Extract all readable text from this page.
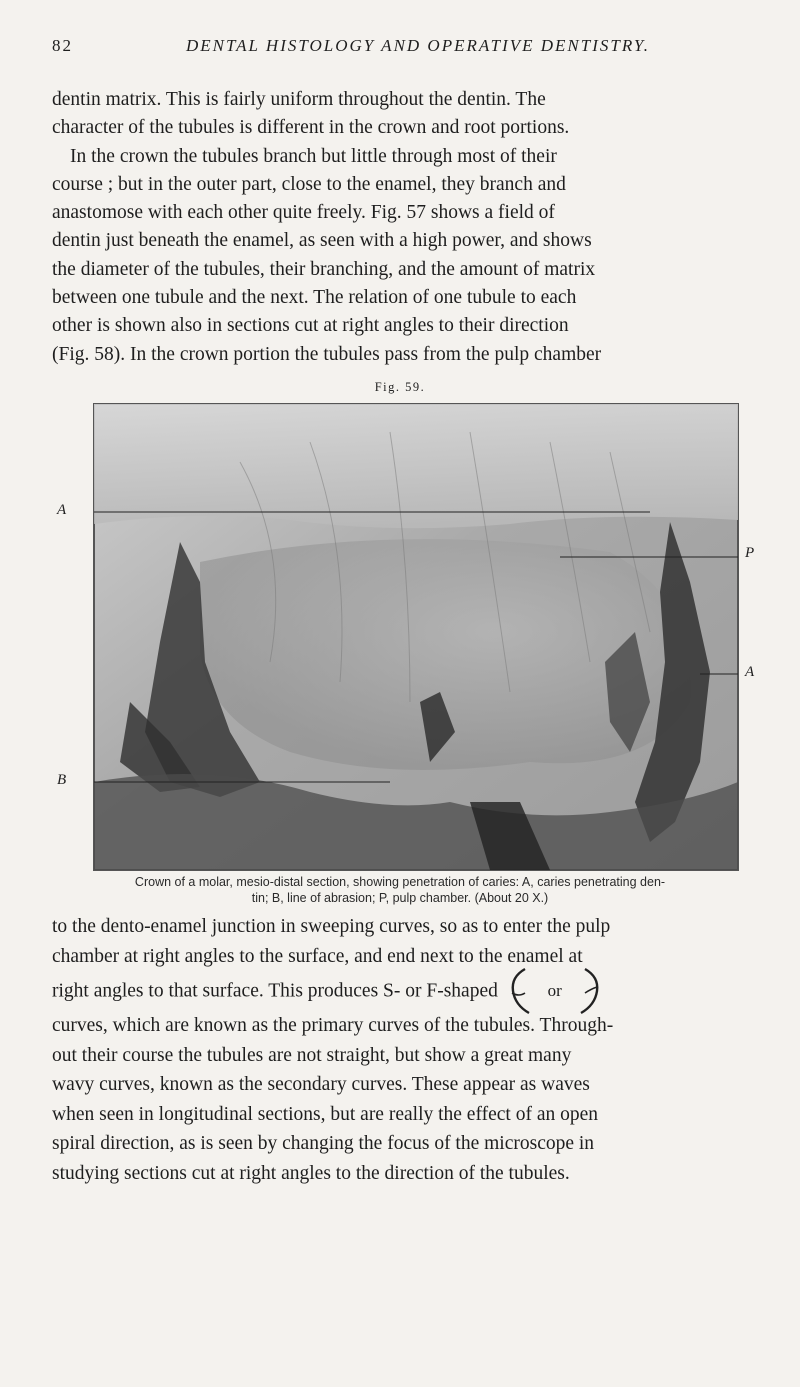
82	DENTAL HISTOLOGY AND OPERATIVE DENTISTRY.

dentin matrix. This is fairly uniform throughout the dentin. The

character of the tubules is different in the crown and root portions.

In the crown the tubules branch but little through most of their

course ; but in the outer part, close to the enamel, they branch and

anastomose with each other quite freely. Fig. 57 shows a field of

dentin just beneath the enamel, as seen with a high power, and shows

the diameter of the tubules, their branching, and the amount of matrix

between one tubule and the next. The relation of one tubule to each

other is shown also in sections cut at right angles to their direction

(Fig. 58). In the crown portion the tubules pass from the pulp chamber

Fig. 59.
A
P
A
B
Crown of a molar, mesio-distal section, showing penetration of caries: A, caries penetrating den-
tin; B, line of abrasion; P, pulp chamber. (About 20 X.)

to the dento-enamel junction in sweeping curves, so as to enter the pulp

chamber at right angles to the surface, and end next to the enamel at

right angles to that surface. This produces S- or F-shaped	or

curves, which are known as the primary curves of the tubules. Through-

out their course the tubules are not straight, but show a great many

wavy curves, known as the secondary curves. These appear as waves

when seen in longitudinal sections, but are really the effect of an open

spiral direction, as is seen by changing the focus of the microscope in

studying sections cut at right angles to the direction of the tubules.
